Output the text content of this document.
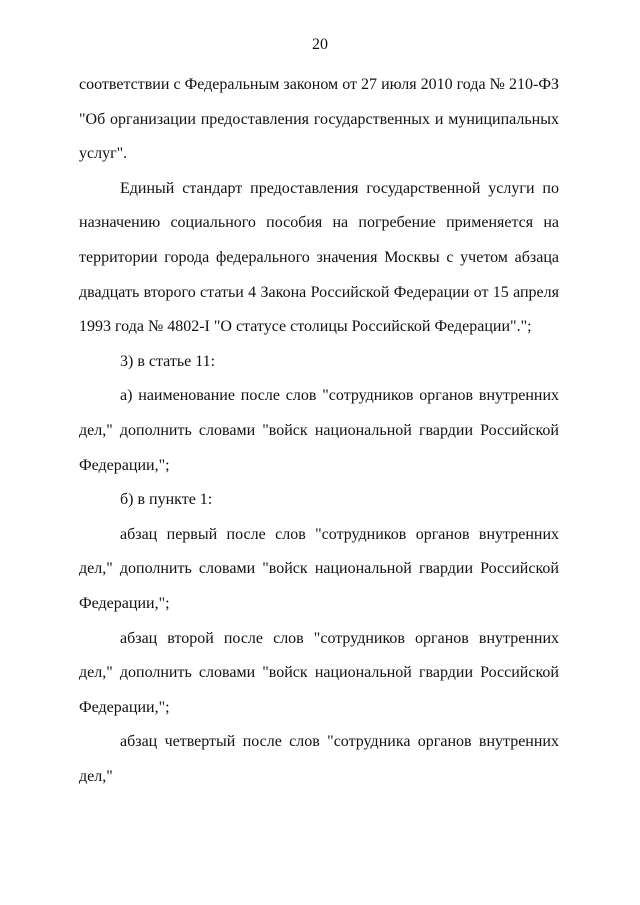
20

соответствии с Федеральным законом от 27 июля 2010 года № 210-ФЗ "Об организации предоставления государственных и муниципальных услуг".

Единый стандарт предоставления государственной услуги по назначению социального пособия на погребение применяется на территории города федерального значения Москвы с учетом абзаца двадцать второго статьи 4 Закона Российской Федерации от 15 апреля 1993 года № 4802-I "О статусе столицы Российской Федерации".";

3) в статье 11:

а) наименование после слов "сотрудников органов внутренних дел," дополнить словами "войск национальной гвардии Российской Федерации,";

б) в пункте 1:

абзац первый после слов "сотрудников органов внутренних дел," дополнить словами "войск национальной гвардии Российской Федерации,";

абзац второй после слов "сотрудников органов внутренних дел," дополнить словами "войск национальной гвардии Российской Федерации,";

абзац четвертый после слов "сотрудника органов внутренних дел,"
